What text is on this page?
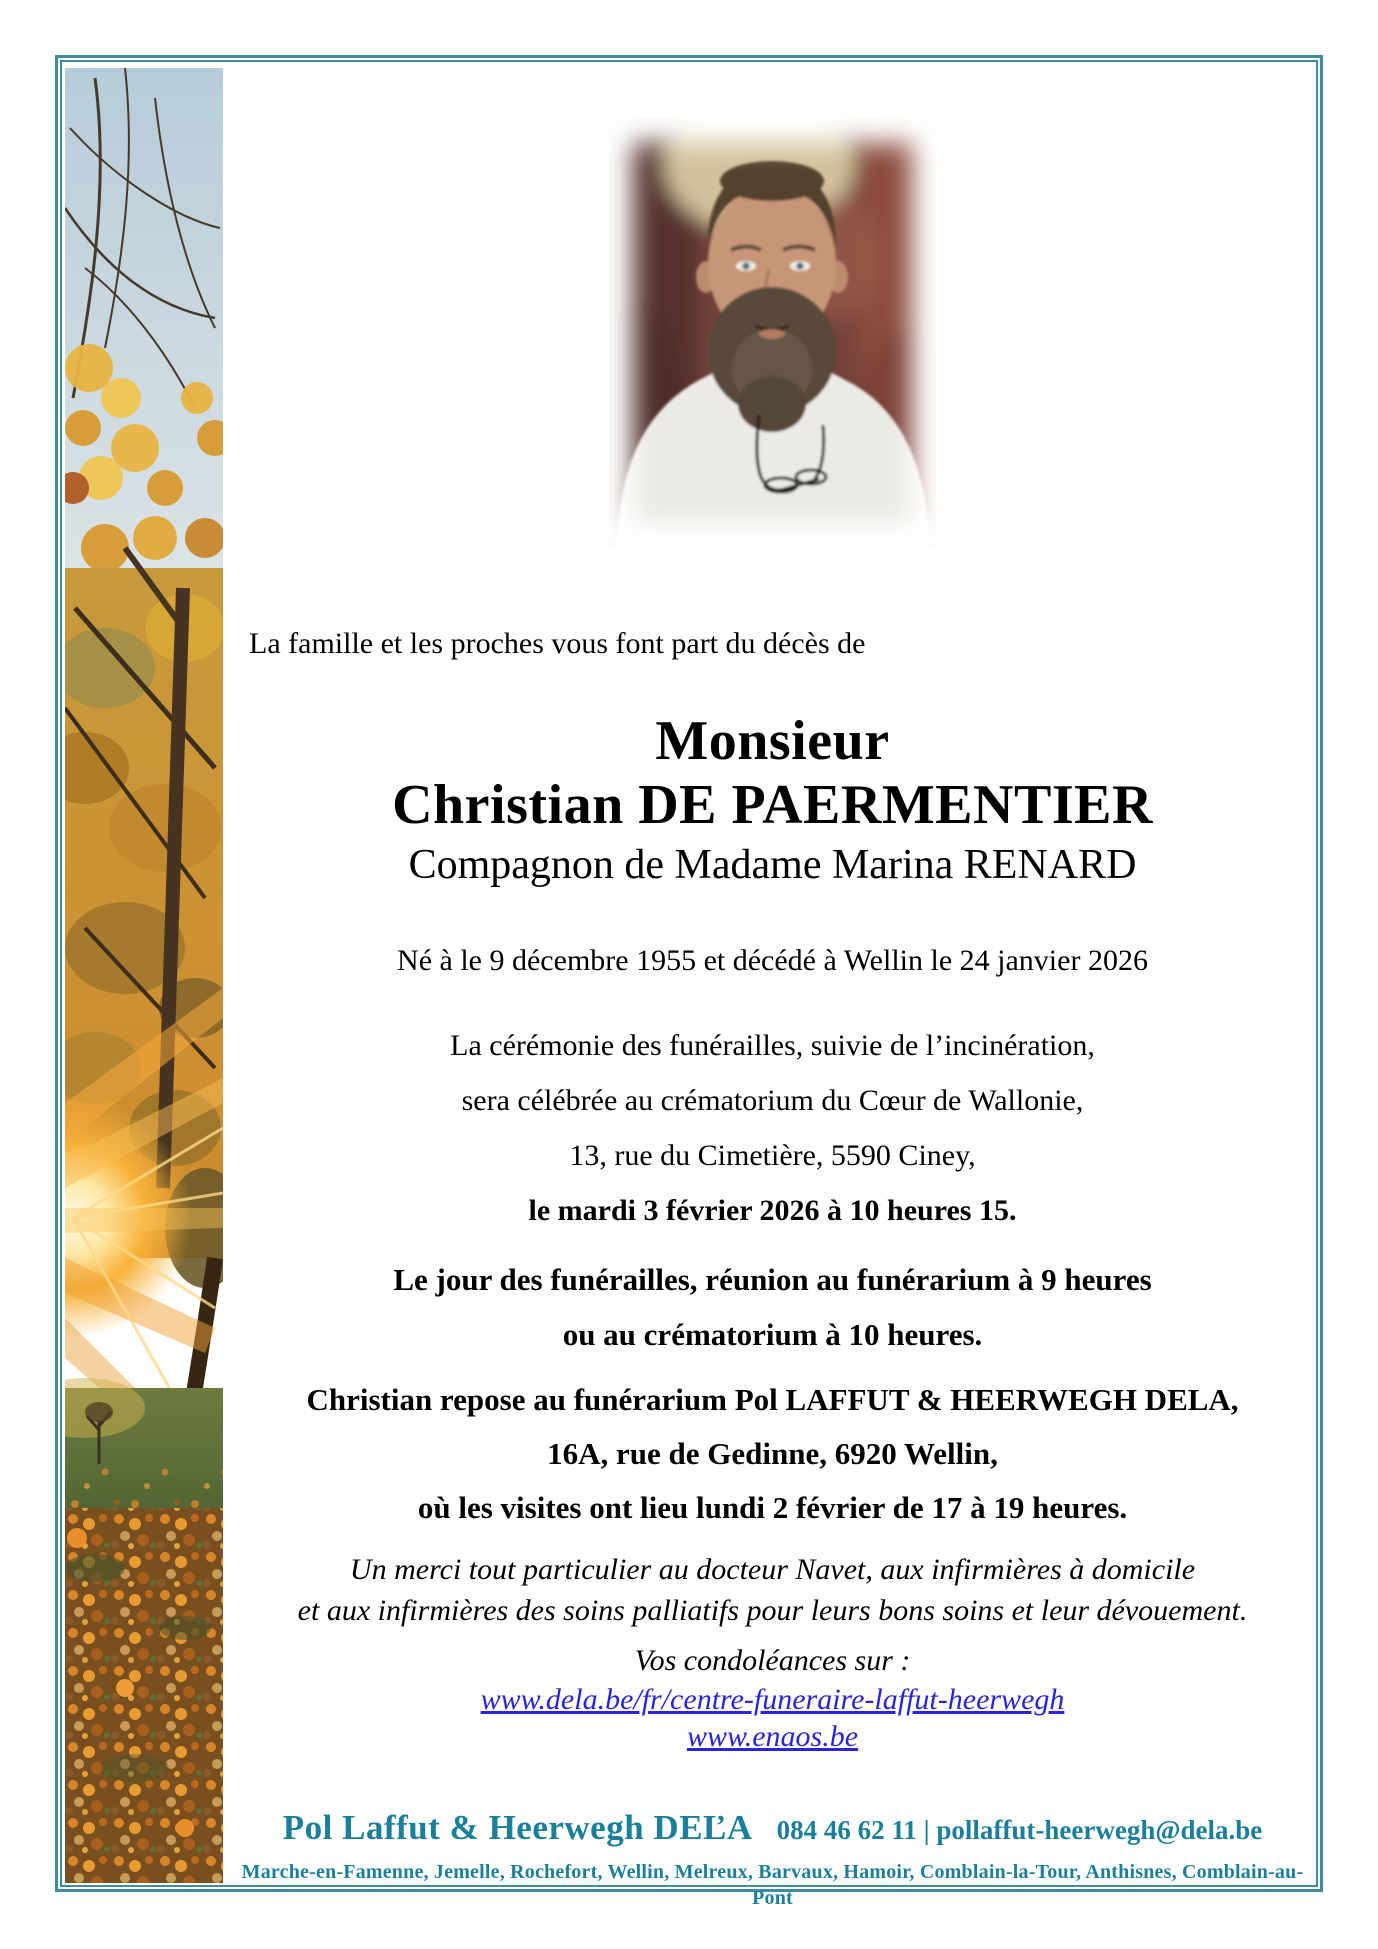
La famille et les proches vous font part du décès de
Monsieur
Christian DE PAERMENTIER
Compagnon de Madame Marina RENARD
Né à le 9 décembre 1955 et décédé à Wellin le 24 janvier 2026
La cérémonie des funérailles, suivie de l’incinération,
sera célébrée au crématorium du Cœur de Wallonie,
13, rue du Cimetière, 5590 Ciney,
le mardi 3 février 2026 à 10 heures 15.
Le jour des funérailles, réunion au funérarium à 9 heures
ou au crématorium à 10 heures.
Christian repose au funérarium Pol LAFFUT & HEERWEGH DELA,
16A, rue de Gedinne, 6920 Wellin,
où les visites ont lieu lundi 2 février de 17 à 19 heures.
Un merci tout particulier au docteur Navet, aux infirmières à domicile
et aux infirmières des soins palliatifs pour leurs bons soins et leur dévouement.
Vos condoléances sur :
www.dela.be/fr/centre-funeraire-laffut-heerwegh
www.enaos.be
Pol Laffut & Heerwegh DEĽA 084 46 62 11 | pollaffut-heerwegh@dela.be
Marche-en-Famenne, Jemelle, Rochefort, Wellin, Melreux, Barvaux, Hamoir, Comblain-la-Tour, Anthisnes, Comblain-au-Pont
